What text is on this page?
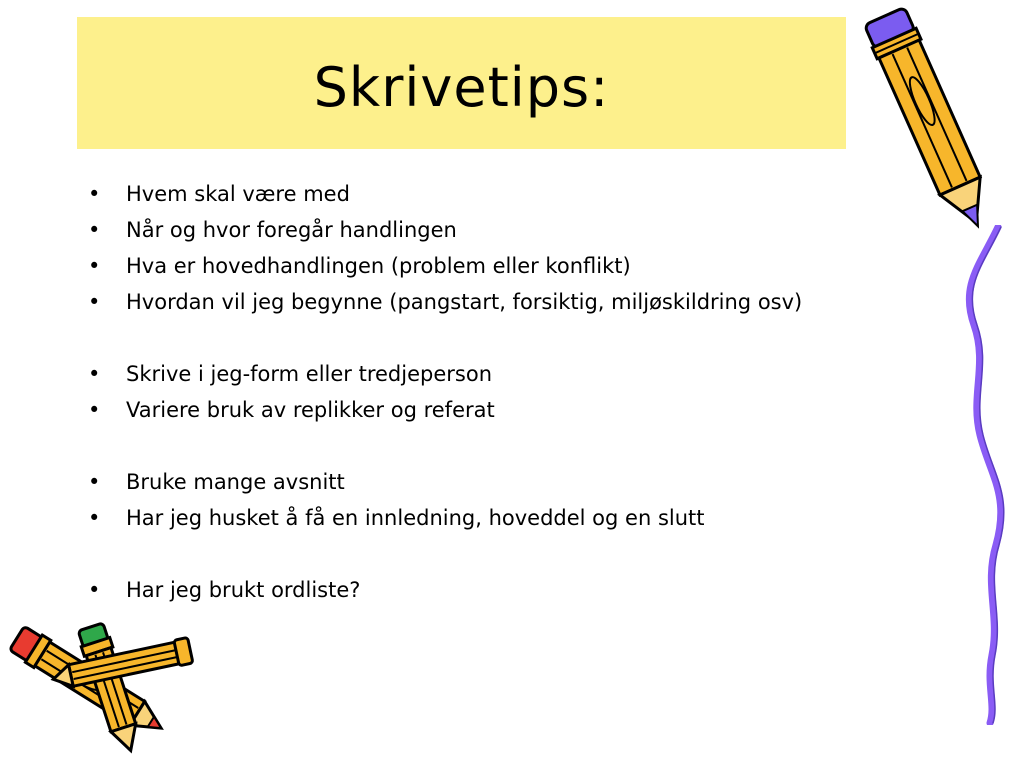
Skrivetips:
• Hvem skal være med
• Når og hvor foregår handlingen
• Hva er hovedhandlingen (problem eller konflikt)
• Hvordan vil jeg begynne (pangstart, forsiktig, miljøskildring osv)
• Skrive i jeg-form eller tredjeperson
• Variere bruk av replikker og referat
• Bruke mange avsnitt
• Har jeg husket å få en innledning, hoveddel og en slutt
• Har jeg brukt ordliste?
